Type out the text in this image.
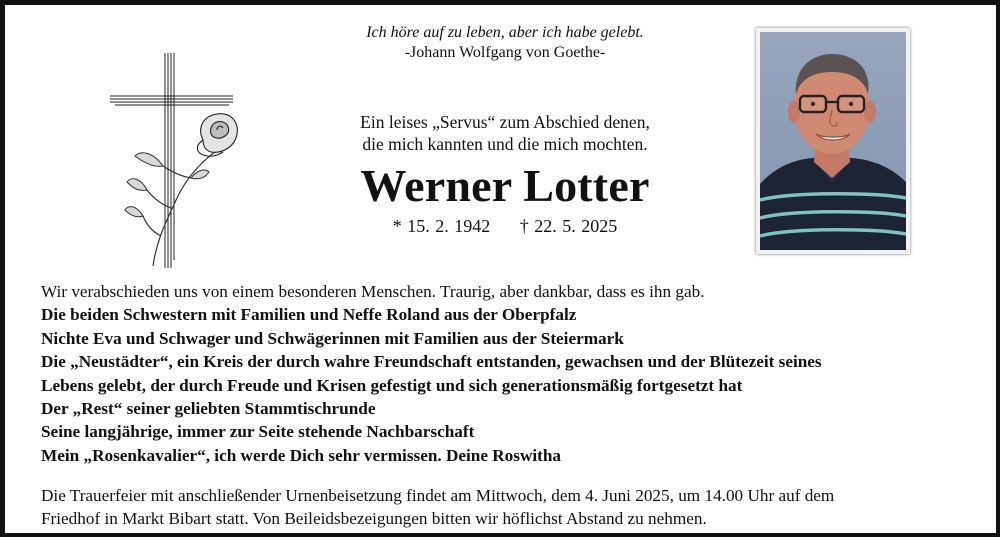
Ich höre auf zu leben, aber ich habe gelebt.
-Johann Wolfgang von Goethe-
Ein leises „Servus“ zum Abschied denen,
die mich kannten und die mich mochten.
Werner Lotter
* 15. 2. 1942 † 22. 5. 2025

Wir verabschieden uns von einem besonderen Menschen. Traurig, aber dankbar, dass es ihn gab.

Die beiden Schwestern mit Familien und Neffe Roland aus der Oberpfalz

Nichte Eva und Schwager und Schwägerinnen mit Familien aus der Steiermark

Die „Neustädter“, ein Kreis der durch wahre Freundschaft entstanden, gewachsen und der Blütezeit seines

Lebens gelebt, der durch Freude und Krisen gefestigt und sich generationsmäßig fortgesetzt hat

Der „Rest“ seiner geliebten Stammtischrunde

Seine langjährige, immer zur Seite stehende Nachbarschaft

Mein „Rosenkavalier“, ich werde Dich sehr vermissen. Deine Roswitha

Die Trauerfeier mit anschließender Urnenbeisetzung findet am Mittwoch, dem 4. Juni 2025, um 14.00 Uhr auf dem

Friedhof in Markt Bibart statt. Von Beileidsbezeigungen bitten wir höflichst Abstand zu nehmen.
